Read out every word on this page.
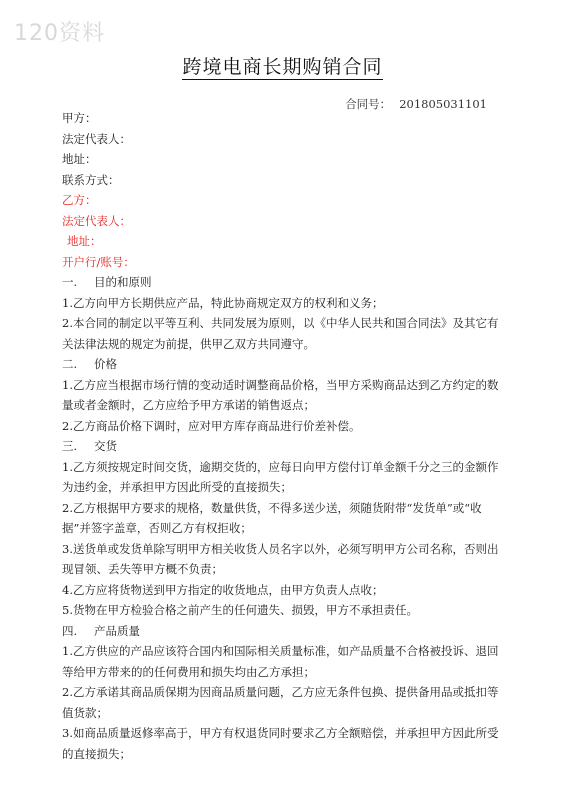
120资料
跨境电商长期购销合同
合同号： 201805031101
甲方：
法定代表人：
地址：
联系方式：
乙方：
法定代表人：
地址：
开户行/账号：
一. 目的和原则
1.乙方向甲方长期供应产品，特此协商规定双方的权利和义务；
2.本合同的制定以平等互利、共同发展为原则，以《中华人民共和国合同法》及其它有关法律法规的规定为前提，供甲乙双方共同遵守。
二. 价格
1.乙方应当根据市场行情的变动适时调整商品价格，当甲方采购商品达到乙方约定的数量或者金额时，乙方应给予甲方承诺的销售返点；
2.乙方商品价格下调时，应对甲方库存商品进行价差补偿。
三. 交货
1.乙方须按规定时间交货，逾期交货的，应每日向甲方偿付订单金额千分之三的金额作为违约金，并承担甲方因此所受的直接损失；
2.乙方根据甲方要求的规格，数量供货，不得多送少送，须随货附带“发货单”或“收据”并签字盖章，否则乙方有权拒收；
3.送货单或发货单除写明甲方相关收货人员名字以外，必须写明甲方公司名称，否则出现冒领、丢失等甲方概不负责；
4.乙方应将货物送到甲方指定的收货地点，由甲方负责人点收；
5.货物在甲方检验合格之前产生的任何遗失、损毁，甲方不承担责任。
四. 产品质量
1.乙方供应的产品应该符合国内和国际相关质量标准，如产品质量不合格被投诉、退回等给甲方带来的的任何费用和损失均由乙方承担；
2.乙方承诺其商品质保期为因商品质量问题，乙方应无条件包换、提供备用品或抵扣等值货款；
3.如商品质量返修率高于，甲方有权退货同时要求乙方全额赔偿，并承担甲方因此所受的直接损失；
